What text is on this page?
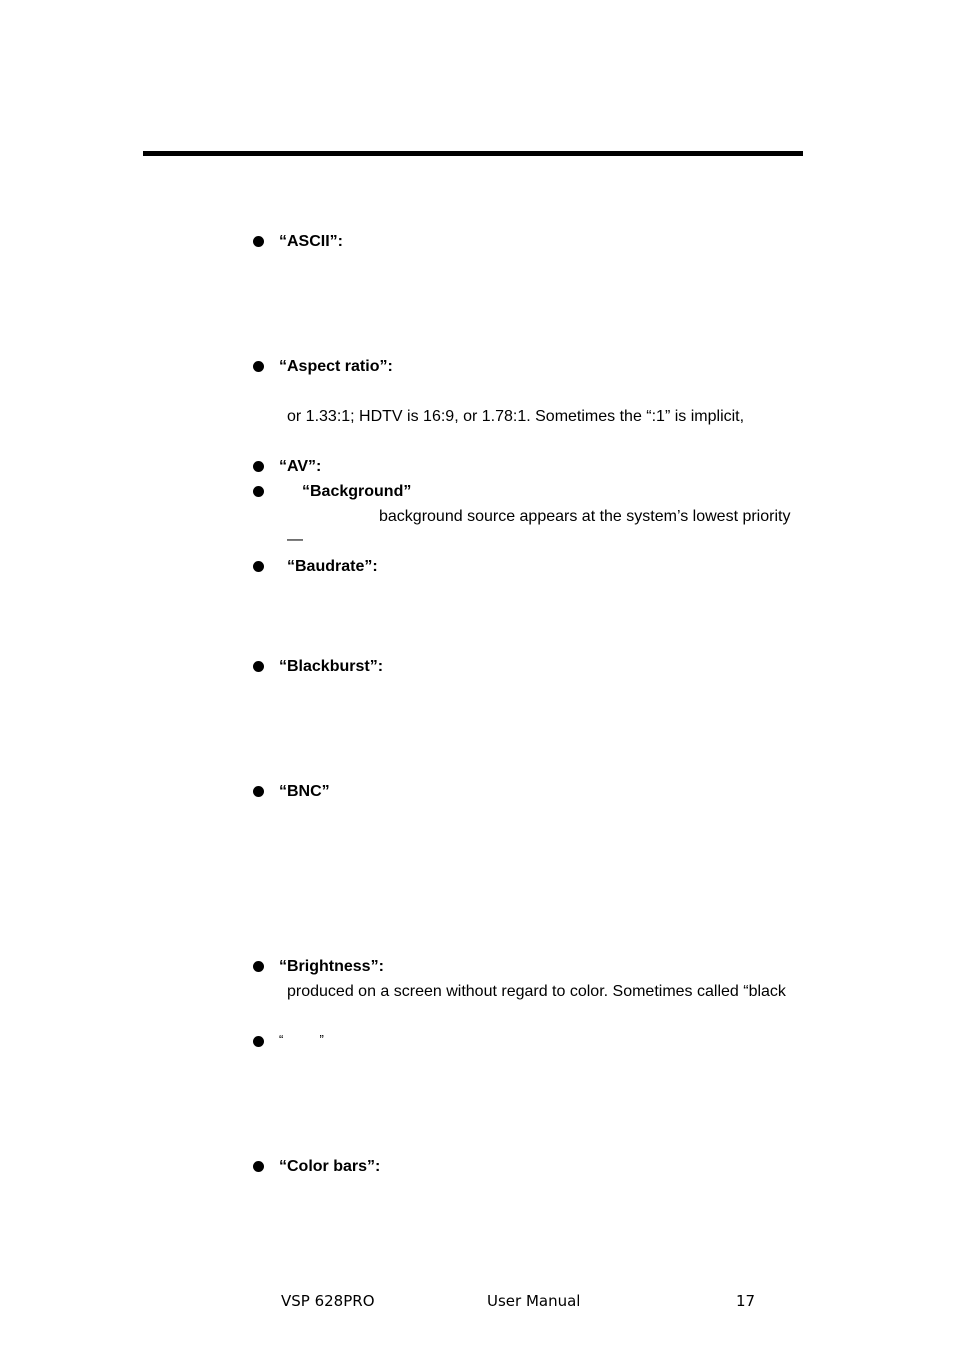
“ASCII”:
“Aspect ratio”:
or 1.33:1; HDTV is 16:9, or 1.78:1. Sometimes the “:1” is implicit,
“AV”:
“Background”
background source appears at the system’s lowest priority
—
“Baudrate”:
“Blackburst”:
“BNC”
“Brightness”:
produced on a screen without regard to color. Sometimes called “black
“          ”
“Color bars”:
VSP 628PRO	User Manual	17
